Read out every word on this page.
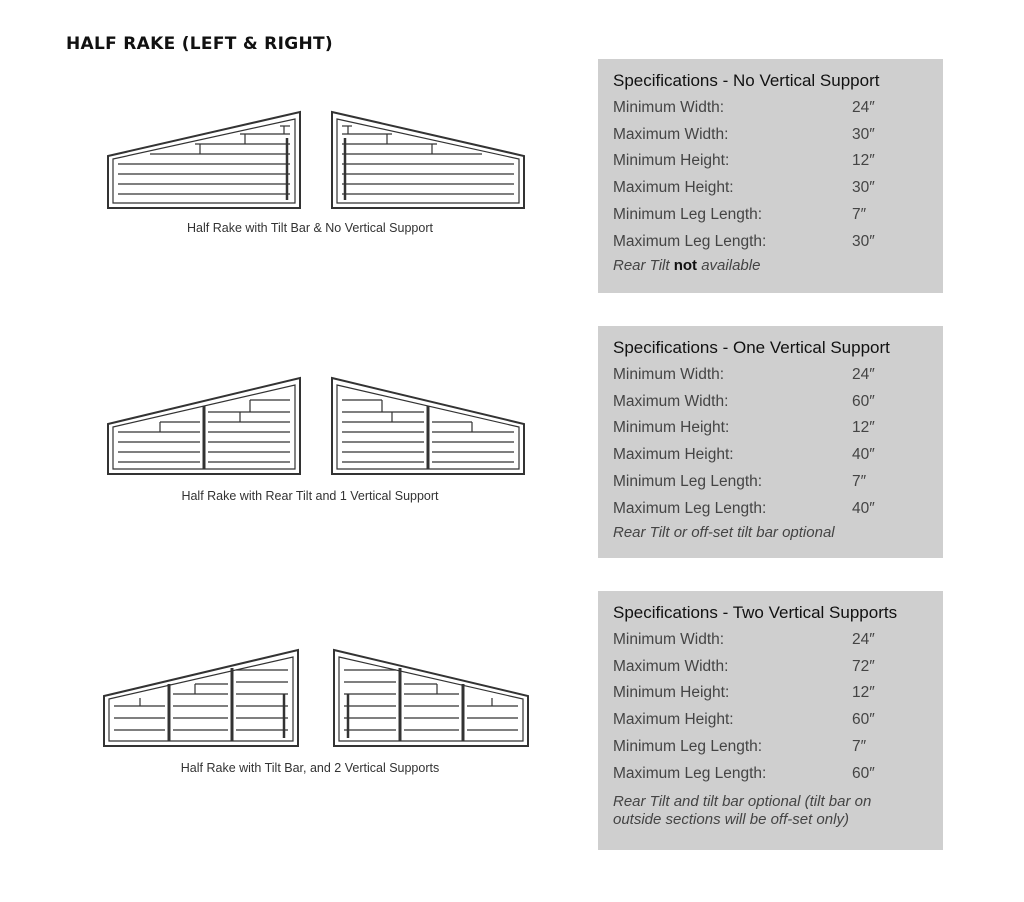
HALF RAKE (LEFT & RIGHT)
Half Rake with Tilt Bar & No Vertical Support
Specifications - No Vertical Support
Minimum Width:	24″
Maximum Width:	30″
Minimum Height:	12″
Maximum Height:	30″
Minimum Leg Length:	7″
Maximum Leg Length:	30″
Rear Tilt not available
Half Rake with Rear Tilt and 1 Vertical Support
Specifications - One Vertical Support
Minimum Width:	24″
Maximum Width:	60″
Minimum Height:	12″
Maximum Height:	40″
Minimum Leg Length:	7″
Maximum Leg Length:	40″
Rear Tilt or off-set tilt bar optional
Half Rake with Tilt Bar, and 2 Vertical Supports
Specifications - Two Vertical Supports
Minimum Width:	24″
Maximum Width:	72″
Minimum Height:	12″
Maximum Height:	60″
Minimum Leg Length:	7″
Maximum Leg Length:	60″
Rear Tilt and tilt bar optional (tilt bar on outside sections will be off-set only)
